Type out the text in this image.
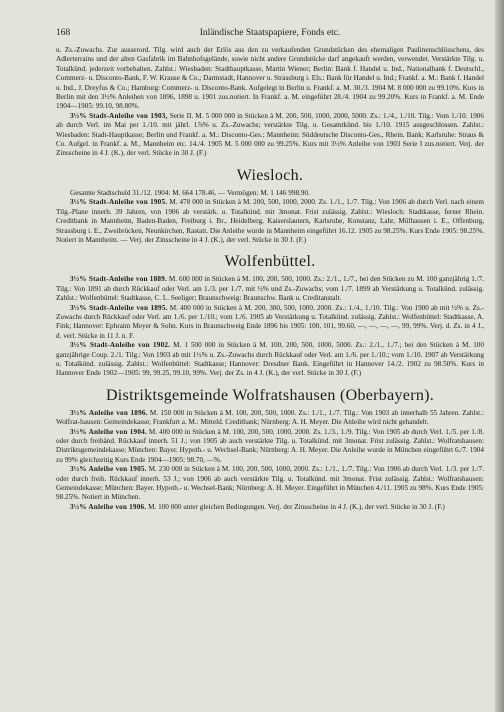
168	Inländische Staatspapiere, Fonds etc.

u. Zs.-Zuwachs. Zur ausserord. Tilg. wird auch der Erlös aus den zu verkaufenden Grundstücken des ehemaligen Paulinenschlösschens, des Adlerterrains und der alten Gasfabrik im Bahnhofsgelände, sowie nicht andere Grundstücke darf angekauft werden, verwendet. Verstärkte Tilg. u. Totalkünd. jederzeit vorbehalten. Zahlst.: Wiesbaden: Stadthauptkasse, Martin Wiener; Berlin: Bank f. Handel u. Ind., Nationalbank f. Deutschl., Commerz- u. Disconto-Bank, F. W. Krause & Co.; Darmstadt, Hannover u. Strassburg i. Els.: Bank für Handel u. Ind.; Frankf. a. M.: Bank f. Handel u. Ind., J. Dreyfus & Co.; Hamburg: Commerz- u. Disconto-Bank. Aufgelegt in Berlin u. Frankf. a. M. 30./3. 1904 M. 8 000 000 zu 99.10%. Kurs in Berlin mit den 3½% Anleihen von 1896, 1898 u. 1901 zus.notiert. In Frankf. a. M. eingeführt 28./4. 1904 zu 99.20%. Kurs in Frankf. a. M. Ende 1904—1905: 99.10, 98.80%.

3½% Stadt-Anleihe von 1903, Serie II. M. 5 000 000 in Stücken à M. 200, 500, 1000, 2000, 5000. Zs.: 1./4., 1./10. Tilg.: Vom 1./10. 1906 ab durch Verl. im Mai per 1./10. mit jährl. 1⅞% u. Zs.-Zuwachs; verstärkte Tilg. u. Gesamtkünd. bis 1./10. 1915 ausgeschlossen. Zahlst.: Wiesbaden: Stadt-Hauptkasse; Berlin und Frankf. a. M.: Disconto-Ges.; Mannheim: Süddeutsche Disconto-Ges., Rhein. Bank; Karlsruhe: Straus & Co. Aufgel. in Frankf. a. M., Mannheim etc. 14./4. 1905 M. 5 000 000 zu 99.25%. Kurs mit 3½% Anleihe von 1903 Serie I zus.notiert. Verj. der Zinsscheine in 4 J. (K.), der verl. Stücke in 30 J. (F.)

Wiesloch.

Gesamte Stadtschuld 31./12. 1904: M. 664 178.46. — Vermögen: M. 1 146 998.90.

3½% Stadt-Anleihe von 1905. M. 478 000 in Stücken à M. 200, 500, 1000, 2000. Zs. 1./1., 1./7. Tilg.: Von 1906 ab durch Verl. nach einem Tilg.-Plane innerh. 39 Jahren, von 1906 ab verstärk. u. Totalkünd. mit 3monat. Frist zulässig. Zahlst.: Wiesloch: Stadtkasse, ferner Rhein. Creditbank in Mannheim, Baden-Baden, Freiburg i. Br., Heidelberg, Kaiserslautern, Karlsruhe, Konstanz, Lahr, Mülhausen i. E., Offenburg, Strassburg i. E., Zweibrücken, Neunkirchen, Rastatt. Die Anleihe wurde in Mannheim eingeführt 16.12. 1905 zu 98.25%. Kurs Ende 1905: 98.25%. Notiert in Mannheim. — Verj. der Zinsscheine in 4 J. (K.), der verl. Stücke in 30 J. (F.)

Wolfenbüttel.

3½% Stadt-Anleihe von 1889. M. 600 000 in Stücken à M. 100, 200, 500, 1000. Zs.: 2./1., 1./7., bei den Stücken zu M. 100 ganzjährig 1./7. Tilg.: Von 1891 ab durch Rückkauf oder Verl. am 1./3. per 1./7. mit ½% und Zs.-Zuwachs; vom 1./7. 1899 ab Verstärkung u. Totalkünd. zulässig. Zahlst.: Wolfenbüttel: Stadtkasse, C. L. Seeliger; Braunschweig: Braunschw. Bank u. Creditanstalt.

3½% Stadt-Anleihe von 1895. M. 400 000 in Stücken à M. 200, 300, 500, 1000, 2000. Zs.: 1./4., 1./10. Tilg.: Von 1900 ab mit ½% u. Zs.-Zuwachs durch Rückkauf oder Verl. am 1./6. per 1./10.; vom 1./6. 1905 ab Verstärkung u. Totalkünd. zulässig. Zahlst.: Wolfenbüttel: Stadtkasse, A. Fink; Hannover: Ephraim Meyer & Sohn. Kurs in Braunschweig Ende 1896 bis 1905: 100, 101, 99.60, —, —, —, —, 99, 99%. Verj. d. Zs. in 4 J., d. verl. Stücke in 11 J. n. F.

3½% Stadt-Anleihe von 1902. M. 1 500 000 in Stücken à M. 100, 200, 500, 1000, 5000. Zs.: 2./1., 1./7.; bei den Stücken à M. 100 ganzjährige Coup. 2./1. Tilg.: Von 1903 ab mit 1½% u. Zs.-Zuwachs durch Rückkauf oder Verl. am 1./6. per 1./10.; vom 1./10. 1907 ab Verstärkung u. Totalkünd. zulässig. Zahlst.: Wolfenbüttel: Stadtkasse; Hannover: Dresdner Bank. Eingeführt in Hannover 14./2. 1902 zu 98.50%. Kurs in Hannover Ende 1902—1905: 99, 99.25, 99.10, 99%. Verj. der Zs. in 4 J. (K.), der verl. Stücke in 30 J. (F.)

Distriktsgemeinde Wolfratshausen (Oberbayern).

3½% Anleihe von 1896. M. 150 000 in Stücken à M. 100, 200, 500, 1000. Zs.: 1./1., 1./7. Tilg.: Von 1903 ab innerhalb 55 Jahren. Zahlst.: Wolfrat-hausen: Gemeindekasse; Frankfurt a. M.: Mitteld. Creditbank; Nürnberg: A. H. Meyer. Die Anleihe wird nicht gehandelt.

3½% Anleihe von 1904. M. 400 000 in Stücken à M. 100, 200, 500, 1000, 2000. Zs. 1./3., 1./9. Tilg.: Von 1905 ab durch Verl. 1./5. per 1./8. oder durch freihänd. Rückkauf innerh. 51 J.; von 1905 ab auch verstärkte Tilg. u. Totalkünd. mit 3monat. Frist zulässig. Zahlst.: Wolfratshausen: Distriktsgemeindekasse; München: Bayer. Hypoth.- u. Wechsel-Bank; Nürnberg: A. H. Meyer. Die Anleihe wurde in München eingeführt 6./7. 1904 zu 99% gleichzeitig Kurs Ende 1904—1905: 98.70, —%.

3½% Anleihe von 1905. M. 230 000 in Stücken à M. 100, 200, 500, 1000, 2000. Zs.: 1./1., 1./7. Tilg.: Von 1906 ab durch Verl. 1./3. per 1./7. oder durch freih. Rückkauf innerh. 53 J.; von 1906 ab auch verstärkte Tilg. u. Totalkünd. mit 3monat. Frist zulässig. Zahlst.: Wolfratshausen: Gemeindekasse; München: Bayer. Hypoth.- u. Wechsel-Bank; Nürnberg: A. H. Meyer. Eingeführt in München 4./11. 1905 zu 98%. Kurs Ende 1905: 98.25%. Notiert in München.

3½% Anleihe von 1906. M. 100 000 unter gleichen Bedingungen. Verj. der Zinsscheine in 4 J. (K.), der verl. Stücke in 30 J. (F.)
